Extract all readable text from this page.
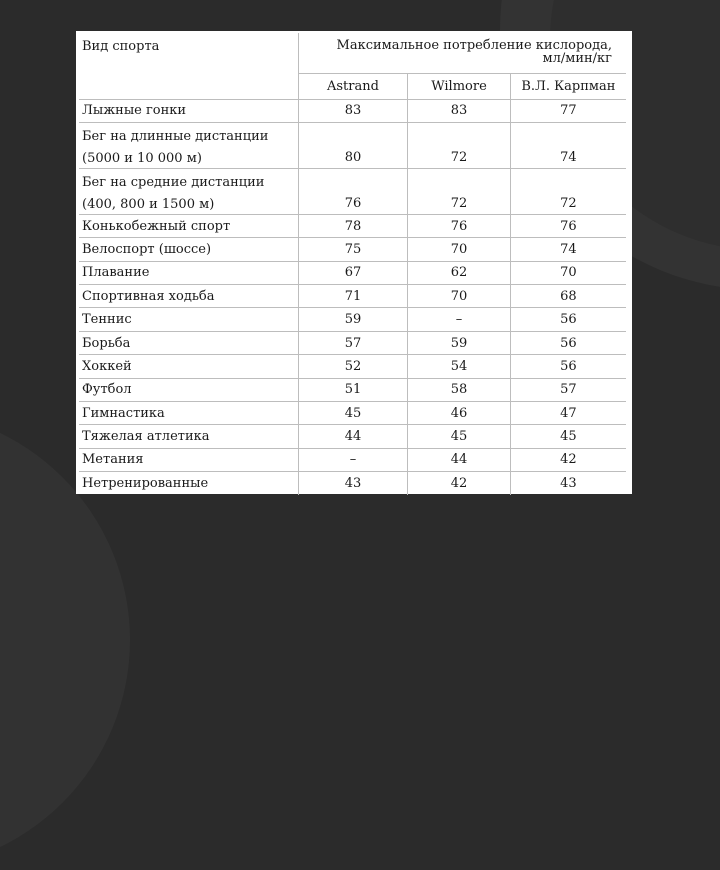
Вид спорта	Максимальное потребление кислорода,
мл/мин/кг		

	Astrand	Wilmore	В.Л. Карпман
Лыжные гонки	83	83	77

Бег на длинные дистанции
(5000 и 10 000 м)	80	72	74

Бег на средние дистанции
(400, 800 и 1500 м)	76	72	72
Конькобежный спорт	78	76	76
Велоспорт (шоссе)	75	70	74
Плавание	67	62	70
Спортивная ходьба	71	70	68
Теннис	59	–	56
Борьба	57	59	56
Хоккей	52	54	56
Футбол	51	58	57
Гимнастика	45	46	47
Тяжелая атлетика	44	45	45
Метания	–	44	42
Нетренированные	43	42	43
